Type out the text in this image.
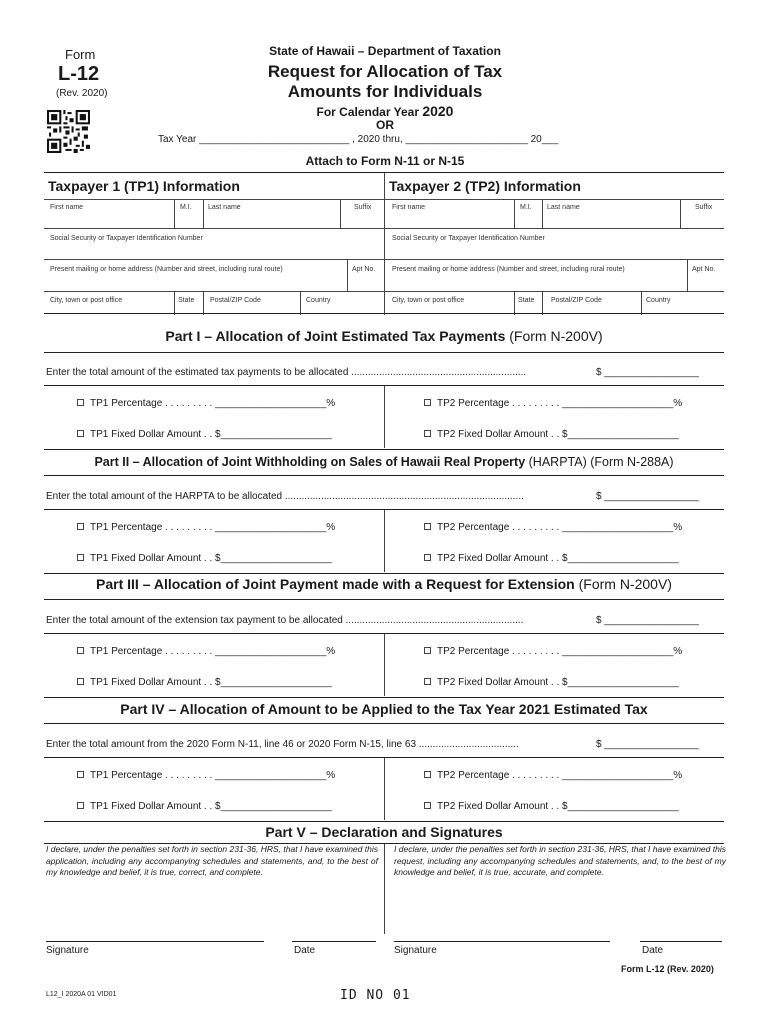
Form
L-12
(Rev. 2020)
State of Hawaii – Department of Taxation
Request for Allocation of Tax
Amounts for Individuals
For Calendar Year 2020
OR
Tax Year ___________________________ , 2020 thru, ______________________ 20___
Attach to Form N-11 or N-15
Taxpayer 1 (TP1) Information	Taxpayer 2 (TP2) Information
First name	M.I. Last name	Suffix	First name	M.I. Last name	Suffix
Social Security or Taxpayer Identification Number	Social Security or Taxpayer Identification Number
Present mailing or home address (Number and street, including rural route)	Apt No. Present mailing or home address (Number and street, including rural route)	Apt No.
City, town or post office	State Postal/ZIP Code	Country	City, town or post office	State Postal/ZIP Code	Country
Part I – Allocation of Joint Estimated Tax Payments (Form N-200V)
Enter the total amount of the estimated tax payments to be allocated ...............................................................	$ _________________
TP1 Percentage . . . . . . . . . ____________________%	TP2 Percentage . . . . . . . . . ____________________%
TP1 Fixed Dollar Amount . . $____________________	TP2 Fixed Dollar Amount . . $____________________
Part II – Allocation of Joint Withholding on Sales of Hawaii Real Property (HARPTA) (Form N-288A)
Enter the total amount of the HARPTA to be allocated ......................................................................................	$ _________________
TP1 Percentage . . . . . . . . . ____________________%	TP2 Percentage . . . . . . . . . ____________________%
TP1 Fixed Dollar Amount . . $____________________	TP2 Fixed Dollar Amount . . $____________________
Part III – Allocation of Joint Payment made with a Request for Extension (Form N-200V)
Enter the total amount of the extension tax payment to be allocated ................................................................	$ _________________
TP1 Percentage . . . . . . . . . ____________________%	TP2 Percentage . . . . . . . . . ____________________%
TP1 Fixed Dollar Amount . . $____________________	TP2 Fixed Dollar Amount . . $____________________
Part IV – Allocation of Amount to be Applied to the Tax Year 2021 Estimated Tax
Enter the total amount from the 2020 Form N-11, line 46 or 2020 Form N-15, line 63 ....................................	$ _________________
TP1 Percentage . . . . . . . . . ____________________%	TP2 Percentage . . . . . . . . . ____________________%
TP1 Fixed Dollar Amount . . $____________________	TP2 Fixed Dollar Amount . . $____________________
Part V – Declaration and Signatures
I declare, under the penalties set forth in section 231-36, HRS, that I have examined this application, including any accompanying schedules and statements, and, to the best of my knowledge and belief, it is true, correct, and complete.
I declare, under the penalties set forth in section 231-36, HRS, that I have examined this request, including any accompanying schedules and statements, and, to the best of my knowledge and belief, it is true, accurate, and complete.
Signature	Date	Signature	Date
Form L-12 (Rev. 2020)
L12_I 2020A 01 VID01	ID NO 01
